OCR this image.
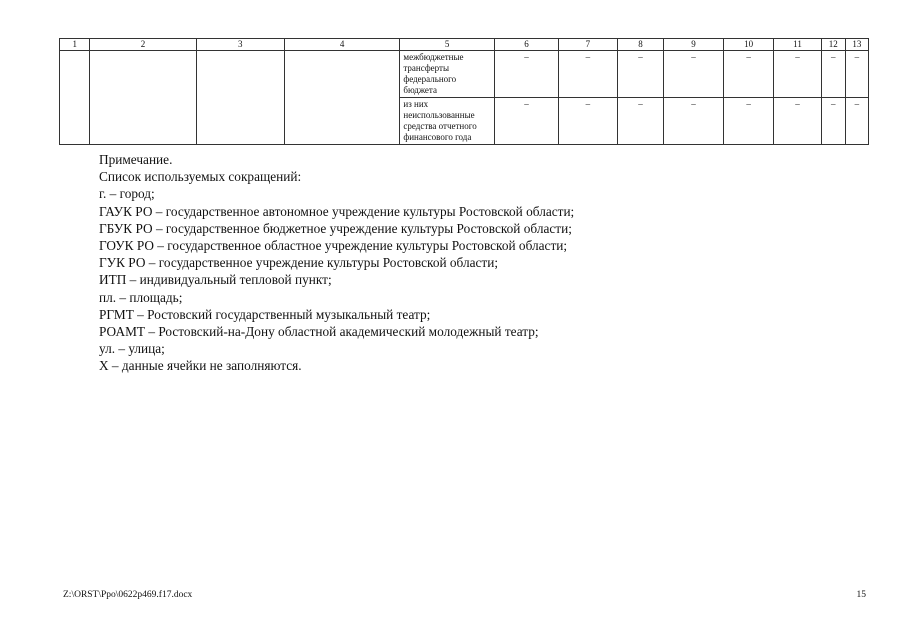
1	2	3	4	5	6	7	8	9	10	11	12	13
				межбюджетные трансферты федерального бюджета	–	–	–	–	–	–	–	–
				из них неиспользованные средства отчетного финансового года	–	–	–	–	–	–	–	–
Примечание.
Список используемых сокращений:
г. – город;
ГАУК РО – государственное автономное учреждение культуры Ростовской области;
ГБУК РО – государственное бюджетное учреждение культуры Ростовской области;
ГОУК РО – государственное областное учреждение культуры Ростовской области;
ГУК РО – государственное учреждение культуры Ростовской области;
ИТП – индивидуальный тепловой пункт;
пл. – площадь;
РГМТ – Ростовский государственный музыкальный театр;
РОАМТ – Ростовский-на-Дону областной академический молодежный театр;
ул. – улица;
Х – данные ячейки не заполняются.
Z:\ORST\Ppo\0622p469.f17.docx	15
